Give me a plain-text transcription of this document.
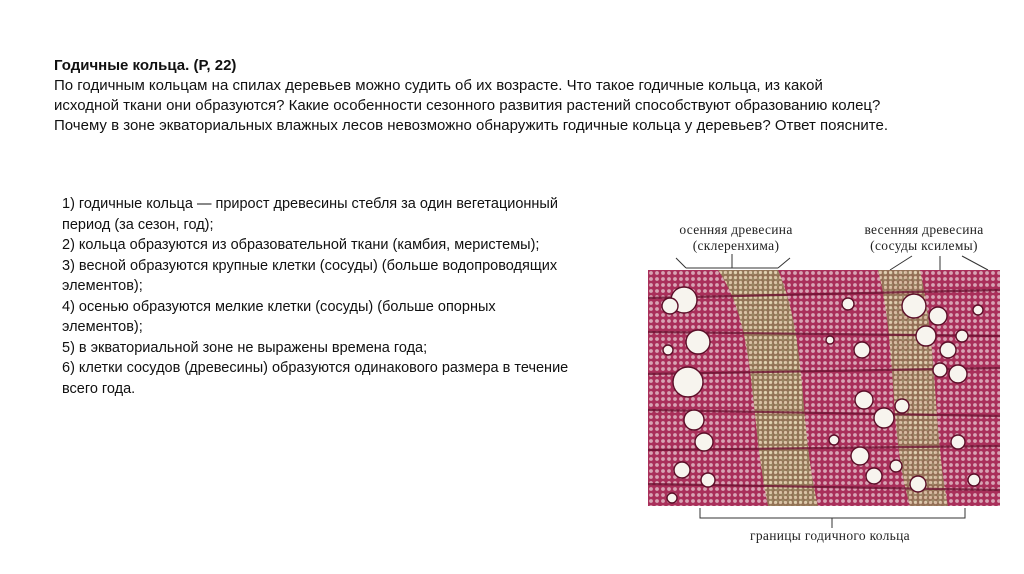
Годичные кольца. (Р, 22)
По годичным кольцам на спилах деревьев можно судить об их возрасте. Что такое годичные кольца, из какой
исходной ткани они образуются? Какие особенности сезонного развития растений способствуют образованию колец?
Почему в зоне экваториальных влажных лесов невозможно обнаружить годичные кольца у деревьев? Ответ поясните.
1) годичные кольца — прирост древесины стебля за один вегетационный
период (за сезон, год);
2) кольца образуются из образовательной ткани (камбия, меристемы);
3) весной образуются крупные клетки (сосуды) (больше водопроводящих
элементов);
4) осенью образуются мелкие клетки (сосуды) (больше опорных
элементов);
5) в экваториальной зоне не выражены времена года;
6) клетки сосудов (древесины) образуются одинакового размера в течение
всего года.
осенняя древесина
(склеренхима)
весенняя древесина
(сосуды ксилемы)
границы годичного кольца
